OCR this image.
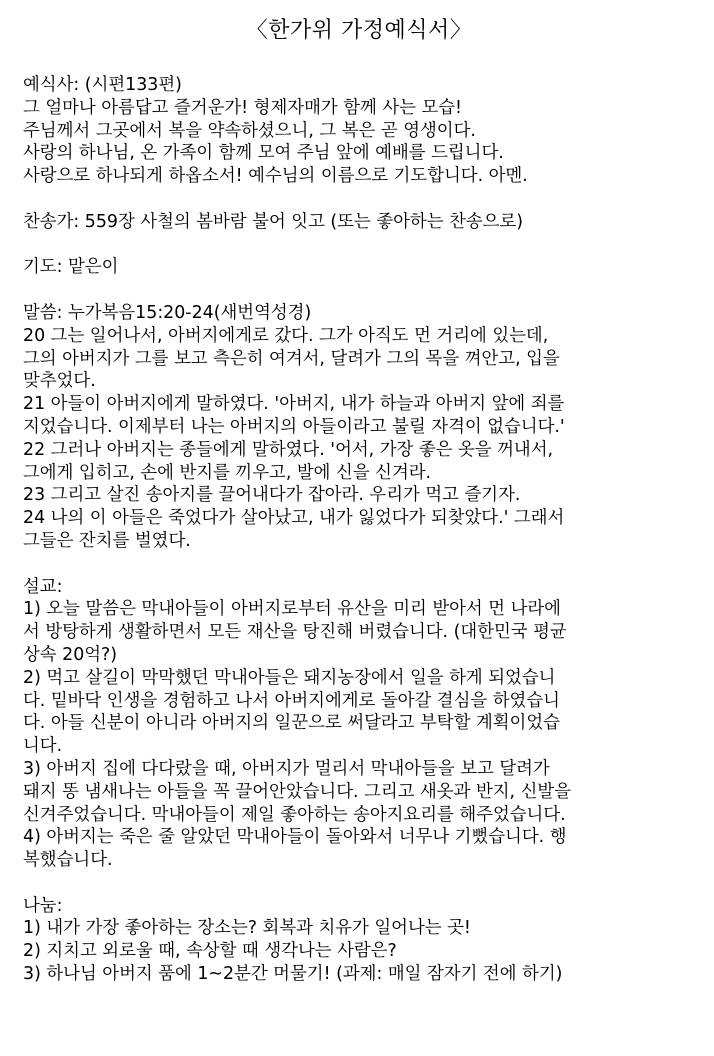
〈한가위 가정예식서〉
예식사: (시편133편)
그 얼마나 아름답고 즐거운가! 형제자매가 함께 사는 모습!
주님께서 그곳에서 복을 약속하셨으니, 그 복은 곧 영생이다.
사랑의 하나님, 온 가족이 함께 모여 주님 앞에 예배를 드립니다.
사랑으로 하나되게 하옵소서! 예수님의 이름으로 기도합니다. 아멘.
찬송가: 559장 사철의 봄바람 불어 잇고 (또는 좋아하는 찬송으로)
기도: 맡은이
말씀: 누가복음15:20-24(새번역성경)
20 그는 일어나서, 아버지에게로 갔다. 그가 아직도 먼 거리에 있는데,
그의 아버지가 그를 보고 측은히 여겨서, 달려가 그의 목을 껴안고, 입을
맞추었다.
21 아들이 아버지에게 말하였다. '아버지, 내가 하늘과 아버지 앞에 죄를
지었습니다. 이제부터 나는 아버지의 아들이라고 불릴 자격이 없습니다.'
22 그러나 아버지는 종들에게 말하였다. '어서, 가장 좋은 옷을 꺼내서,
그에게 입히고, 손에 반지를 끼우고, 발에 신을 신겨라.
23 그리고 살진 송아지를 끌어내다가 잡아라. 우리가 먹고 즐기자.
24 나의 이 아들은 죽었다가 살아났고, 내가 잃었다가 되찾았다.' 그래서
그들은 잔치를 벌였다.
설교:
1) 오늘 말씀은 막내아들이 아버지로부터 유산을 미리 받아서 먼 나라에
서 방탕하게 생활하면서 모든 재산을 탕진해 버렸습니다. (대한민국 평균
상속 20억?)
2) 먹고 살길이 막막했던 막내아들은 돼지농장에서 일을 하게 되었습니
다. 밑바닥 인생을 경험하고 나서 아버지에게로 돌아갈 결심을 하였습니
다. 아들 신분이 아니라 아버지의 일꾼으로 써달라고 부탁할 계획이었습
니다.
3) 아버지 집에 다다랐을 때, 아버지가 멀리서 막내아들을 보고 달려가
돼지 똥 냄새나는 아들을 꼭 끌어안았습니다. 그리고 새옷과 반지, 신발을
신겨주었습니다. 막내아들이 제일 좋아하는 송아지요리를 해주었습니다.
4) 아버지는 죽은 줄 알았던 막내아들이 돌아와서 너무나 기뻤습니다. 행
복했습니다.
나눔:
1) 내가 가장 좋아하는 장소는? 회복과 치유가 일어나는 곳!
2) 지치고 외로울 때, 속상할 때 생각나는 사람은?
3) 하나님 아버지 품에 1~2분간 머물기! (과제: 매일 잠자기 전에 하기)
